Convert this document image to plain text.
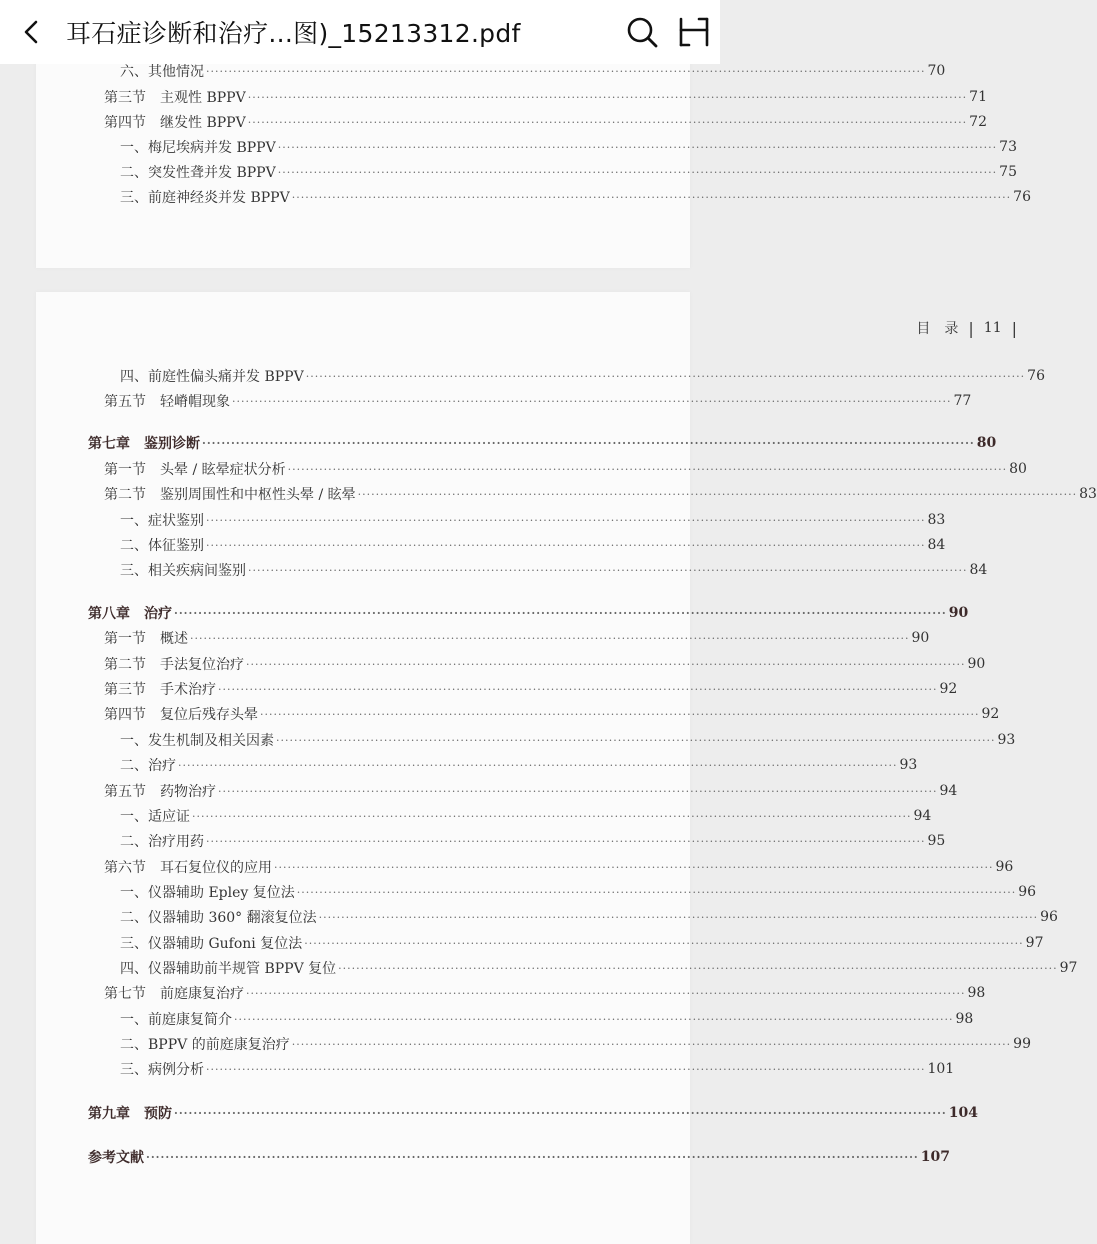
目　录 | 11 |
六、其他情况 ································································································································································ 70
第三节　主观性 BPPV ································································································································································ 71
第四节　继发性 BPPV ································································································································································ 72
一、梅尼埃病并发 BPPV ································································································································································ 73
二、突发性聋并发 BPPV ································································································································································ 75
三、前庭神经炎并发 BPPV ································································································································································ 76
四、前庭性偏头痛并发 BPPV ································································································································································ 76
第五节　轻嵴帽现象 ································································································································································ 77
第七章　鉴别诊断 ································································································································································ 80
第一节　头晕 / 眩晕症状分析 ································································································································································ 80
第二节　鉴别周围性和中枢性头晕 / 眩晕 ································································································································································ 83
一、症状鉴别 ································································································································································ 83
二、体征鉴别 ································································································································································ 84
三、相关疾病间鉴别 ································································································································································ 84
第八章　治疗 ································································································································································ 90
第一节　概述 ································································································································································ 90
第二节　手法复位治疗 ································································································································································ 90
第三节　手术治疗 ································································································································································ 92
第四节　复位后残存头晕 ································································································································································ 92
一、发生机制及相关因素 ································································································································································ 93
二、治疗 ································································································································································ 93
第五节　药物治疗 ································································································································································ 94
一、适应证 ································································································································································ 94
二、治疗用药 ································································································································································ 95
第六节　耳石复位仪的应用 ································································································································································ 96
一、仪器辅助 Epley 复位法 ································································································································································ 96
二、仪器辅助 360° 翻滚复位法 ································································································································································ 96
三、仪器辅助 Gufoni 复位法 ································································································································································ 97
四、仪器辅助前半规管 BPPV 复位 ································································································································································ 97
第七节　前庭康复治疗 ································································································································································ 98
一、前庭康复简介 ································································································································································ 98
二、BPPV 的前庭康复治疗 ································································································································································ 99
三、病例分析 ································································································································································ 101
第九章　预防 ································································································································································ 104
参考文献 ································································································································································ 107
耳石症诊断和治疗...图)_15213312.pdf
